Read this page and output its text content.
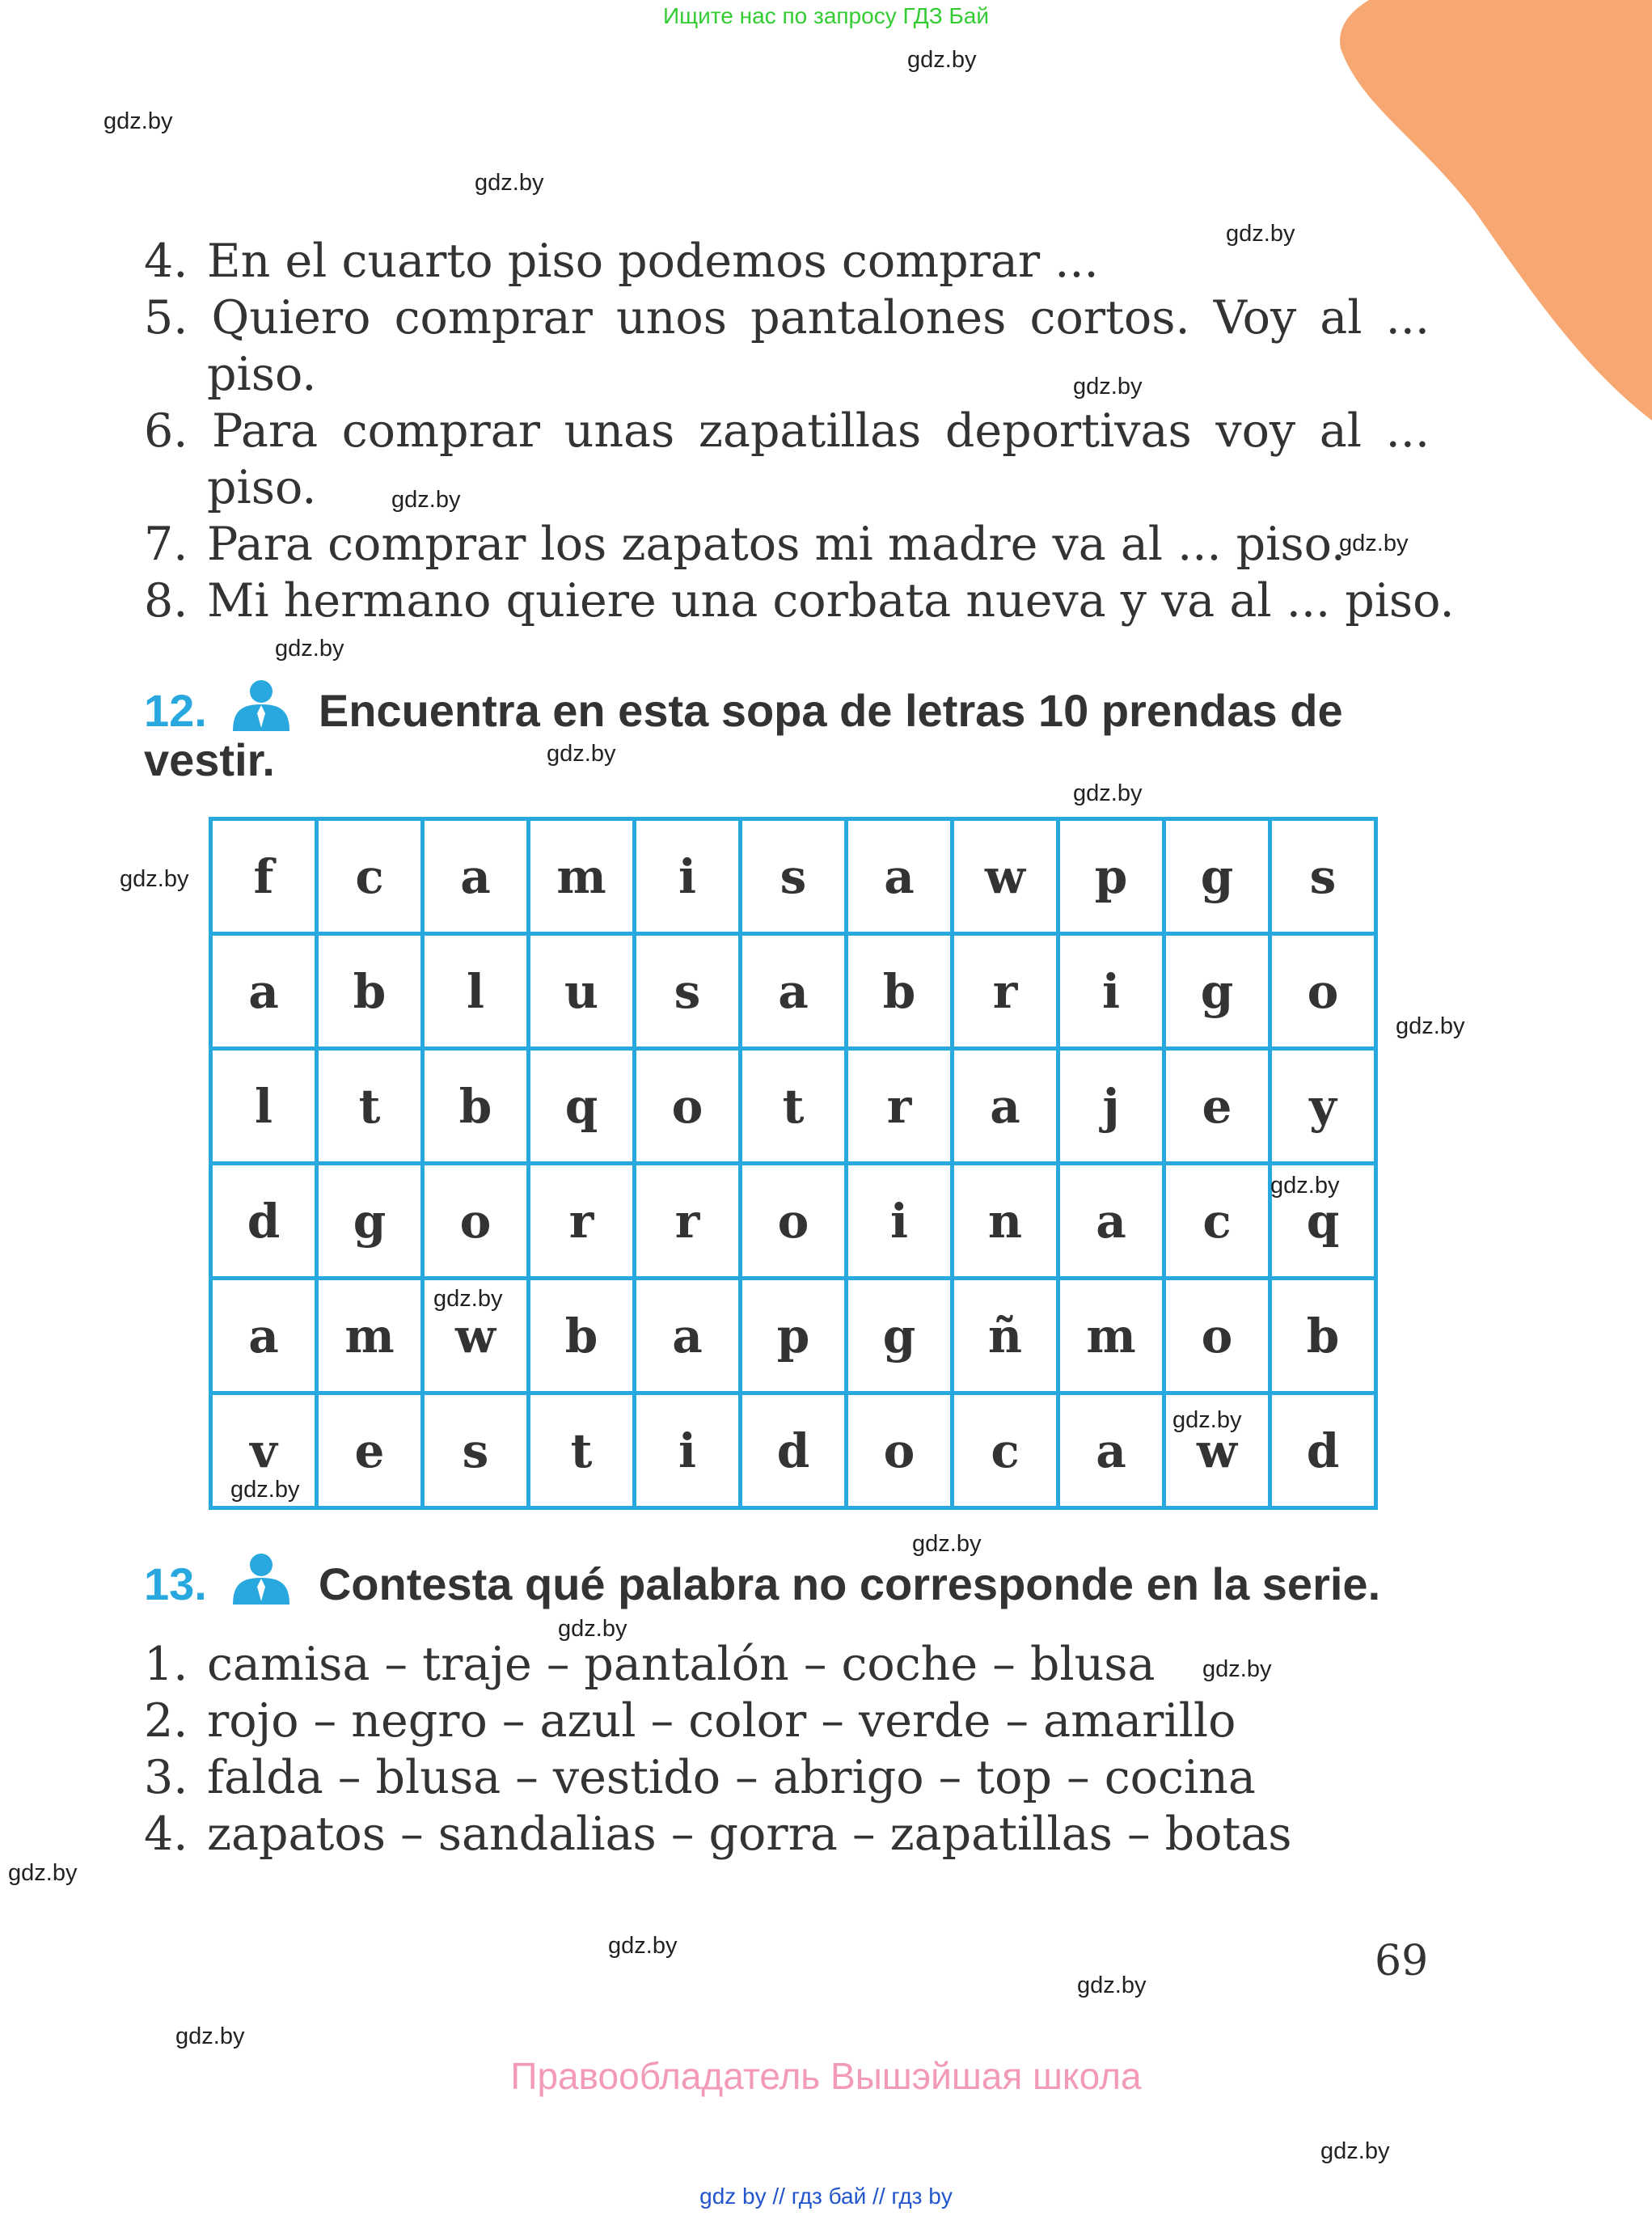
Ищите нас по запросу ГДЗ Бай
4. En el cuarto piso podemos comprar ...
5. Quiero comprar unos pantalones cortos. Voy al ...
piso.
6. Para comprar unas zapatillas deportivas voy al ...
piso.
7. Para comprar los zapatos mi madre va al ... piso.
8. Mi hermano quiere una corbata nueva y va al ... piso.
12. Encuentra en esta sopa de letras 10 prendas de
vestir.
f	c	a	m	i	s	a	w	p	g	s
a	b	l	u	s	a	b	r	i	g	o
l	t	b	q	o	t	r	a	j	e	y
d	g	o	r	r	o	i	n	a	c	q
a	m	w	b	a	p	g	ñ	m	o	b
v	e	s	t	i	d	o	c	a	w	d
13. Contesta qué palabra no corresponde en la serie.
1. camisa – traje – pantalón – coche – blusa
2. rojo – negro – azul – color – verde – amarillo
3. falda – blusa – vestido – abrigo – top – cocina
4. zapatos – sandalias – gorra – zapatillas – botas
69
Правообладатель Вышэйшая школа
gdz by // гдз бай // гдз by
gdz.by
gdz.by
gdz.by
gdz.by
gdz.by
gdz.by
gdz.by
gdz.by
gdz.by
gdz.by
gdz.by
gdz.by
gdz.by
gdz.by
gdz.by
gdz.by
gdz.by
gdz.by
gdz.by
gdz.by
gdz.by
gdz.by
gdz.by
gdz.by
